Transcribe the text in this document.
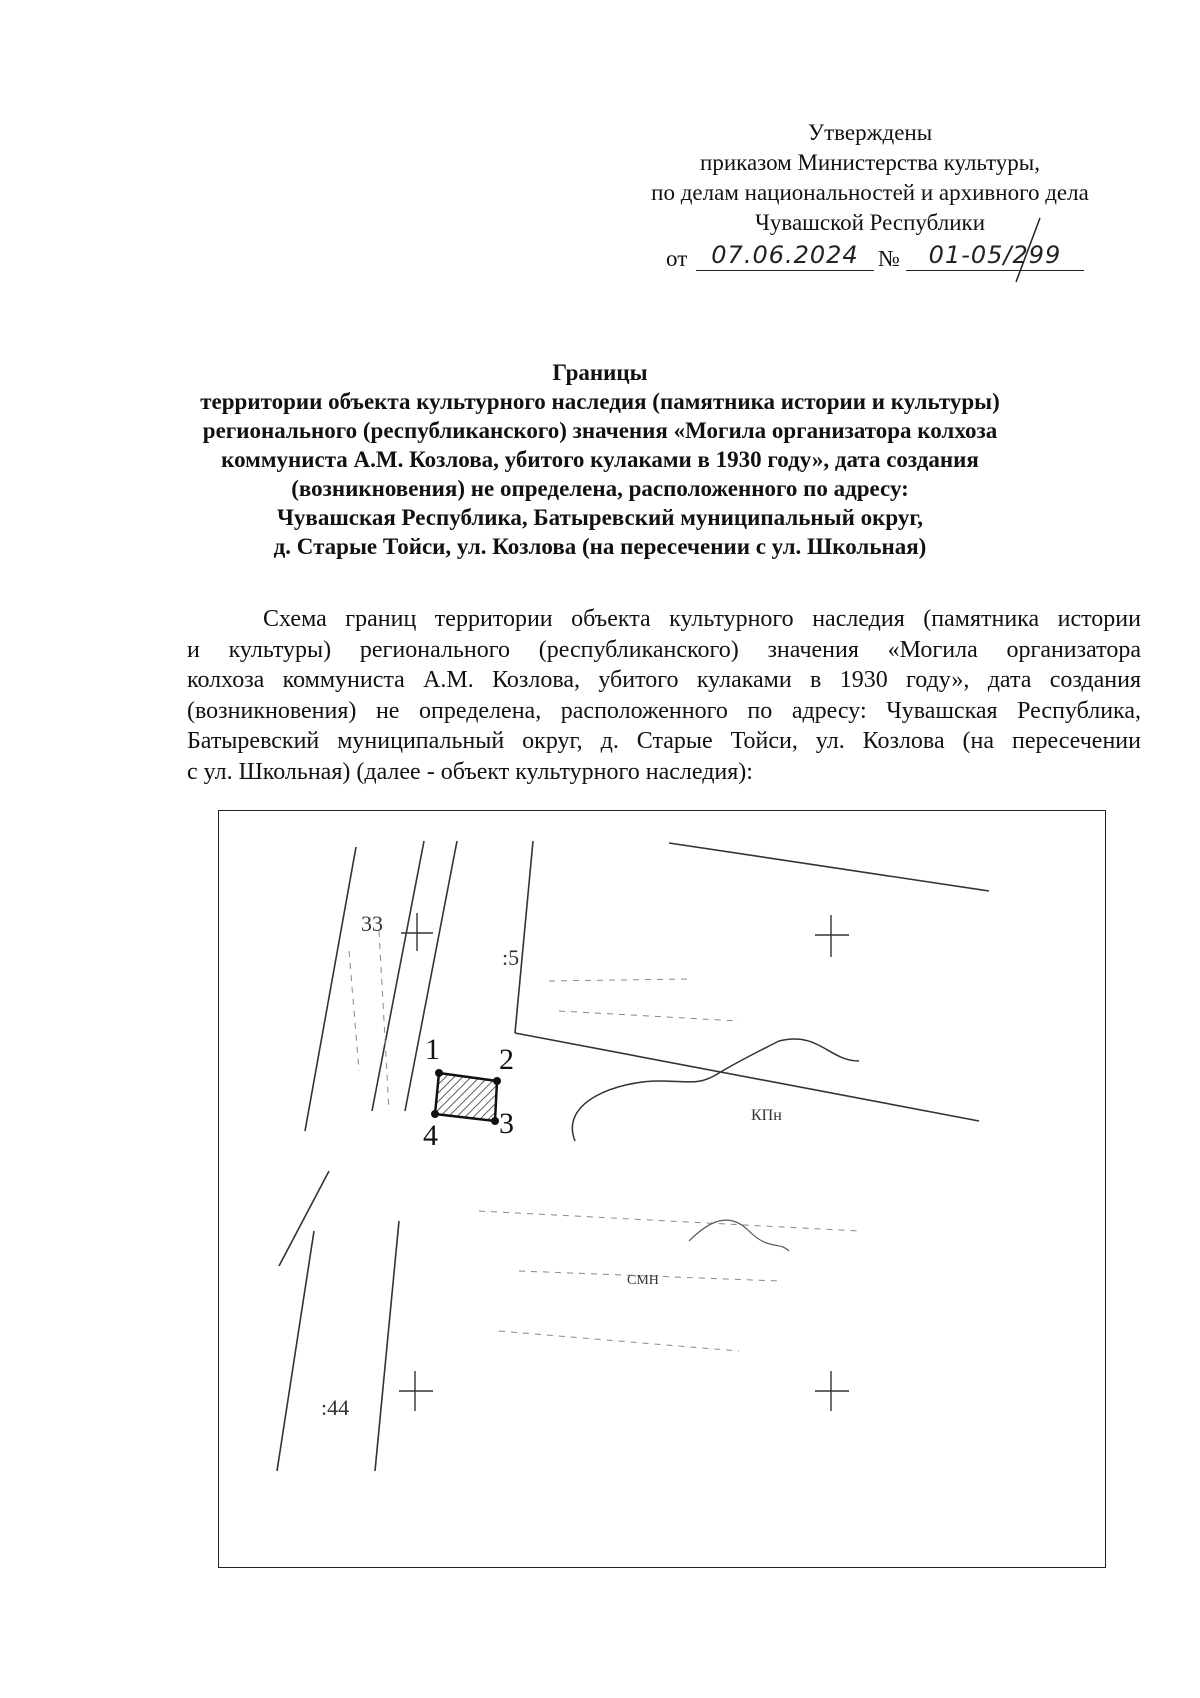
Утверждены
приказом Министерства культуры,
по делам национальностей и архивного дела
Чувашской Республики
от	07.06.2024 №	01-05/299
Границы
территории объекта культурного наследия (памятника истории и культуры)
регионального (республиканского) значения «Могила организатора колхоза
коммуниста А.М. Козлова, убитого кулаками в 1930 году», дата создания
(возникновения) не определена, расположенного по адресу:
Чувашская Республика, Батыревский муниципальный округ,
д. Старые Тойси, ул. Козлова (на пересечении с ул. Школьная)
Схема границ территории объекта культурного наследия (памятника истории
и культуры) регионального (республиканского) значения «Могила организатора
колхоза коммуниста А.М. Козлова, убитого кулаками в 1930 году», дата создания
(возникновения) не определена, расположенного по адресу: Чувашская Республика,
Батыревский муниципальный округ, д. Старые Тойси, ул. Козлова (на пересечении
с ул. Школьная) (далее - объект культурного наследия):
1 2
3
4
33
:5
:44
СМН
КПн
